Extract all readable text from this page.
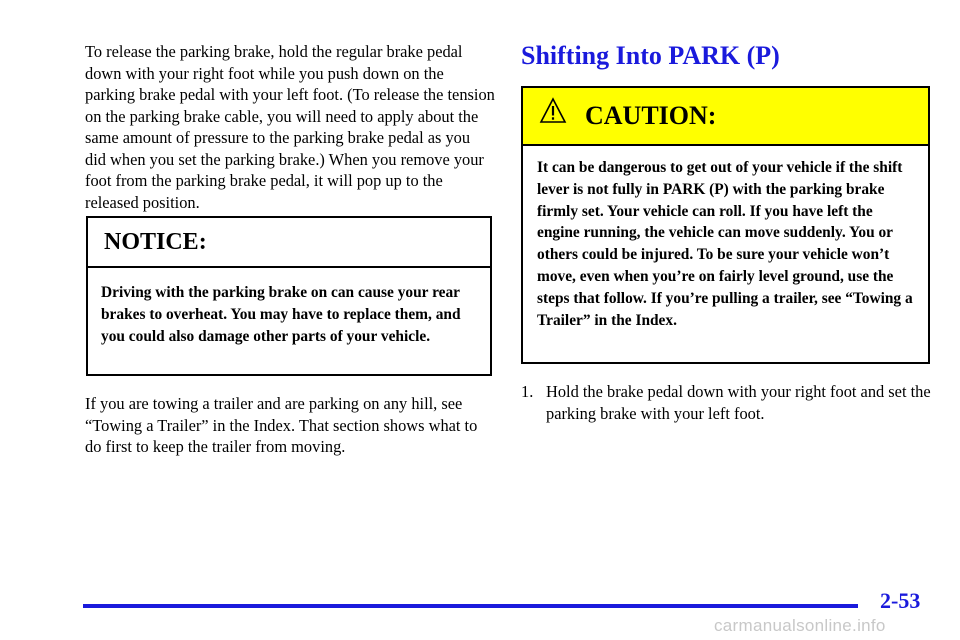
To release the parking brake, hold the regular brake pedal down with your right foot while you push down on the parking brake pedal with your left foot. (To release the tension on the parking brake cable, you will need to apply about the same amount of pressure to the parking brake pedal as you did when you set the parking brake.) When you remove your foot from the parking brake pedal, it will pop up to the released position.

NOTICE:
Driving with the parking brake on can cause your rear brakes to overheat. You may have to replace them, and you could also damage other parts of your vehicle.

If you are towing a trailer and are parking on any hill, see “Towing a Trailer” in the Index. That section shows what to do first to keep the trailer from moving.

Shifting Into PARK (P)
CAUTION:
It can be dangerous to get out of your vehicle if the shift lever is not fully in PARK (P) with the parking brake firmly set. Your vehicle can roll. If you have left the engine running, the vehicle can move suddenly. You or others could be injured. To be sure your vehicle won’t move, even when you’re on fairly level ground, use the steps that follow. If you’re pulling a trailer, see “Towing a Trailer” in the Index.
1. Hold the brake pedal down with your right foot and set the parking brake with your left foot.
2-53
carmanualsonline.info
